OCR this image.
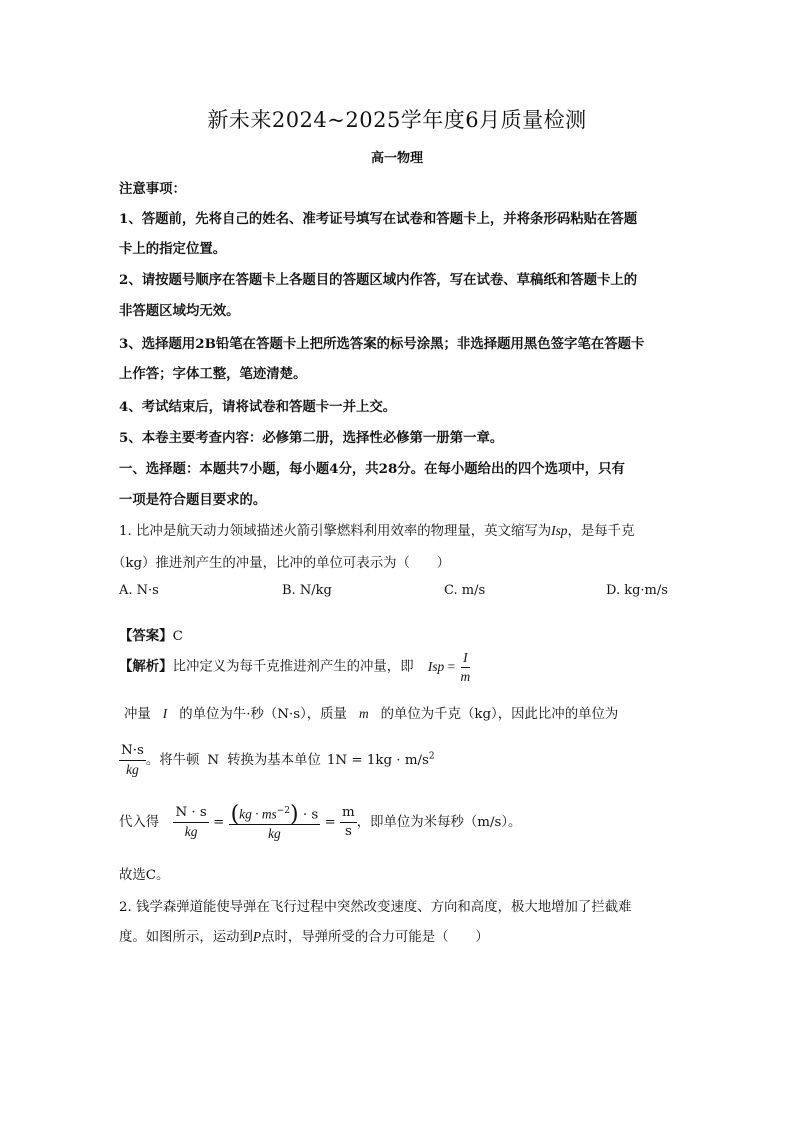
新未来2024~2025学年度6月质量检测
高一物理
注意事项：
1、答题前，先将自己的姓名、准考证号填写在试卷和答题卡上，并将条形码粘贴在答题
卡上的指定位置。
2、请按题号顺序在答题卡上各题目的答题区域内作答，写在试卷、草稿纸和答题卡上的
非答题区域均无效。
3、选择题用2B铅笔在答题卡上把所选答案的标号涂黑；非选择题用黑色签字笔在答题卡
上作答；字体工整，笔迹清楚。
4、考试结束后，请将试卷和答题卡一并上交。
5、本卷主要考查内容：必修第二册，选择性必修第一册第一章。
一、选择题：本题共7小题，每小题4分，共28分。在每小题给出的四个选项中，只有
一项是符合题目要求的。
1. 比冲是航天动力领域描述火箭引擎燃料利用效率的物理量，英文缩写为Isp，是每千克
（kg）推进剂产生的冲量，比冲的单位可表示为（　　）
A. N·s	B. N/kg	C. m/s	D. kg·m/s
【答案】C
【解析】比冲定义为每千克推进剂产生的冲量，即 Isp = $\frac{I}{m}$
冲量 I 的单位为牛·秒（N·s），质量 m 的单位为千克（kg），因此比冲的单位为
$\frac{N\cdot s}{kg}$ 。将牛顿 N 转换为基本单位 $1N = 1kg \cdot m/s^2$
代入得 $\frac{N \cdot s}{kg} = \frac{(kg \cdot ms^{-2}) \cdot s}{kg} = \frac{m}{s}$ ，即单位为米每秒（m/s）。
故选C。
2. 钱学森弹道能使导弹在飞行过程中突然改变速度、方向和高度，极大地增加了拦截难
度。如图所示，运动到P点时，导弹所受的合力可能是（　　）
